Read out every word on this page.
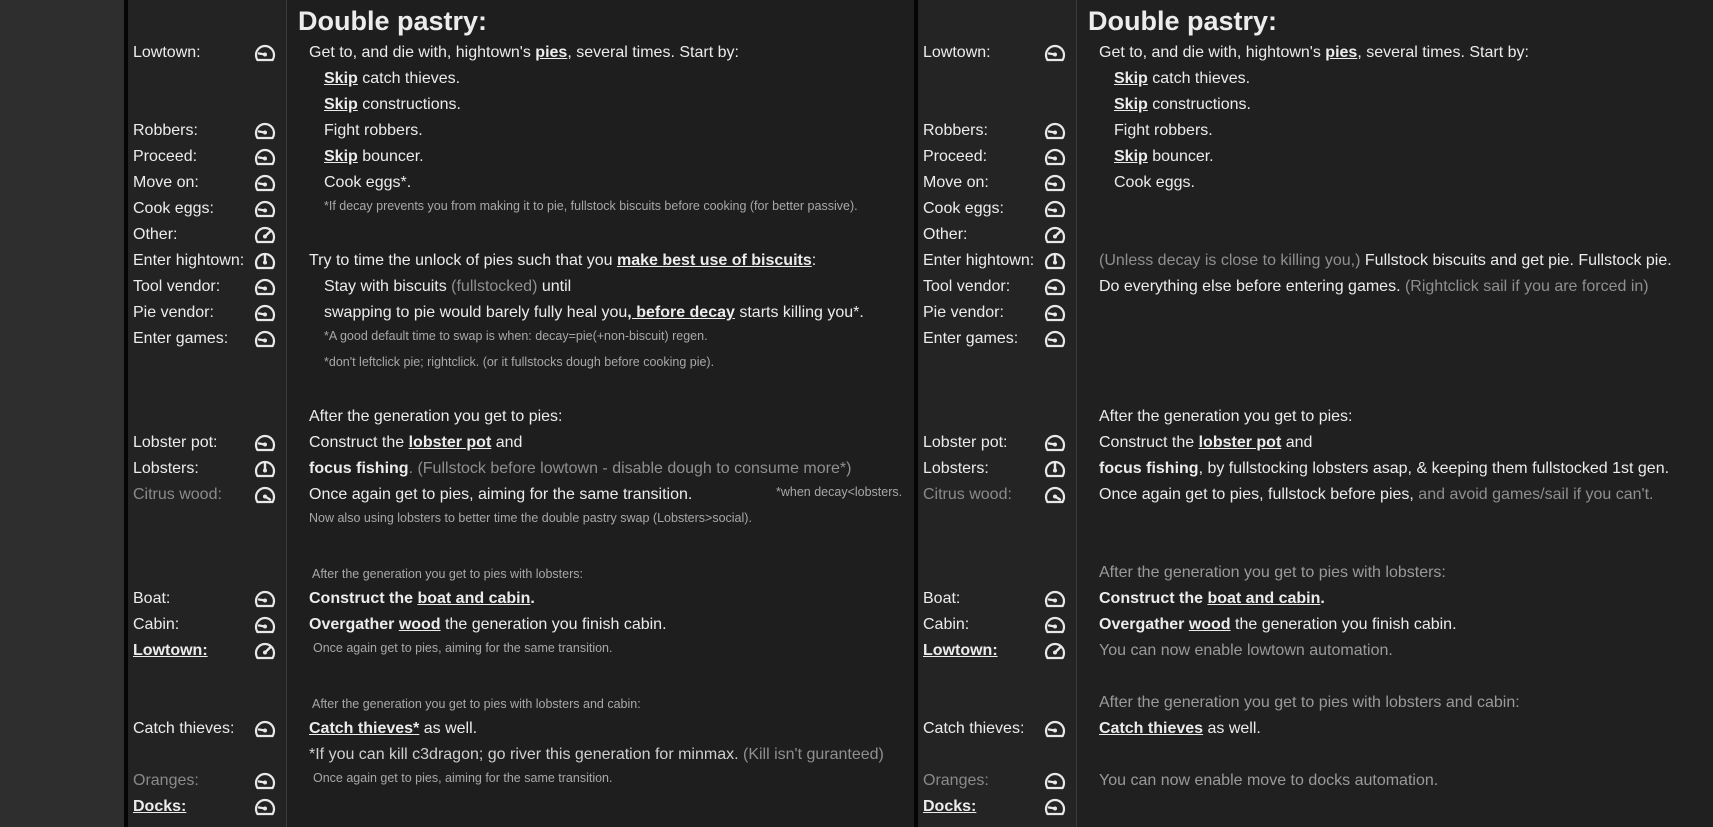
Double pastry:	Double pastry:
Lowtown:
Robbers:
Proceed:
Move on:
Cook eggs:
Other:
Enter hightown:
Tool vendor:
Pie vendor:
Enter games:
Lobster pot:
Lobsters:
Citrus wood:
Boat:
Cabin:
Lowtown:
Catch thieves:
Oranges:
Docks:
Lowtown:
Robbers:
Proceed:
Move on:
Cook eggs:
Other:
Enter hightown:
Tool vendor:
Pie vendor:
Enter games:
Lobster pot:
Lobsters:
Citrus wood:
Boat:
Cabin:
Lowtown:
Catch thieves:
Oranges:
Docks:
Get to, and die with, hightown's pies, several times. Start by:
Skip catch thieves.
Skip constructions.
Fight robbers.
Skip bouncer.
Cook eggs*.
*If decay prevents you from making it to pie, fullstock biscuits before cooking (for better passive).
Try to time the unlock of pies such that you make best use of biscuits:
Stay with biscuits (fullstocked) until
swapping to pie would barely fully heal you, before decay starts killing you*.
*A good default time to swap is when: decay=pie(+non-biscuit) regen.
*don't leftclick pie; rightclick. (or it fullstocks dough before cooking pie).
After the generation you get to pies:
Construct the lobster pot and
focus fishing. (Fullstock before lowtown - disable dough to consume more*)
Once again get to pies, aiming for the same transition.	*when decay<lobsters.
Now also using lobsters to better time the double pastry swap (Lobsters>social).
After the generation you get to pies with lobsters:
Construct the boat and cabin.
Overgather wood the generation you finish cabin.
Once again get to pies, aiming for the same transition.
After the generation you get to pies with lobsters and cabin:
Catch thieves* as well.
*If you can kill c3dragon; go river this generation for minmax. (Kill isn't guranteed)
Once again get to pies, aiming for the same transition.
Get to, and die with, hightown's pies, several times. Start by:
Skip catch thieves.
Skip constructions.
Fight robbers.
Skip bouncer.
Cook eggs.
(Unless decay is close to killing you,) Fullstock biscuits and get pie. Fullstock pie.
Do everything else before entering games. (Rightclick sail if you are forced in)
After the generation you get to pies:
Construct the lobster pot and
focus fishing, by fullstocking lobsters asap, & keeping them fullstocked 1st gen.
Once again get to pies, fullstock before pies, and avoid games/sail if you can't.
After the generation you get to pies with lobsters:
Construct the boat and cabin.
Overgather wood the generation you finish cabin.
You can now enable lowtown automation.
After the generation you get to pies with lobsters and cabin:
Catch thieves as well.
You can now enable move to docks automation.
